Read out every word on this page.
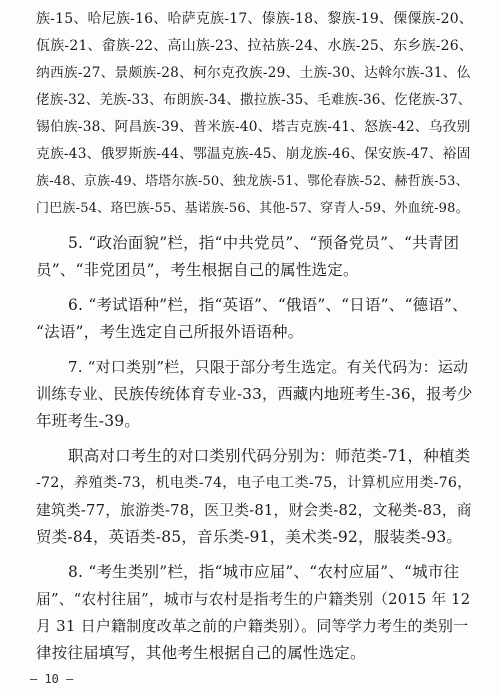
族-15、哈尼族-16、哈萨克族-17、傣族-18、黎族-19、傈僳族-20、
佤族-21、畲族-22、高山族-23、拉祜族-24、水族-25、东乡族-26、
纳西族-27、景颇族-28、柯尔克孜族-29、土族-30、达斡尔族-31、仫
佬族-32、羌族-33、布朗族-34、撒拉族-35、毛难族-36、仡佬族-37、
锡伯族-38、阿昌族-39、普米族-40、塔吉克族-41、怒族-42、乌孜别
克族-43、俄罗斯族-44、鄂温克族-45、崩龙族-46、保安族-47、裕固
族-48、京族-49、塔塔尔族-50、独龙族-51、鄂伦春族-52、赫哲族-53、
门巴族-54、珞巴族-55、基诺族-56、其他-57、穿青人-59、外血统-98。
5. “政治面貌”栏，指“中共党员”、“预备党员”、“共青团
员”、“非党团员”，考生根据自己的属性选定。
6. “考试语种”栏，指“英语”、“俄语”、“日语”、“德语”、
“法语”，考生选定自己所报外语语种。
7. “对口类别”栏，只限于部分考生选定。有关代码为：运动
训练专业、民族传统体育专业-33，西藏内地班考生-36，报考少
年班考生-39。
职高对口考生的对口类别代码分别为：师范类-71，种植类
-72，养殖类-73，机电类-74，电子电工类-75，计算机应用类-76，
建筑类-77，旅游类-78，医卫类-81，财会类-82，文秘类-83，商
贸类-84，英语类-85，音乐类-91，美术类-92，服装类-93。
8. “考生类别”栏，指“城市应届”、“农村应届”、“城市往
届”、“农村往届”，城市与农村是指考生的户籍类别（2015 年 12
月 31 日户籍制度改革之前的户籍类别）。同等学力考生的类别一
律按往届填写，其他考生根据自己的属性选定。
— 10 —
